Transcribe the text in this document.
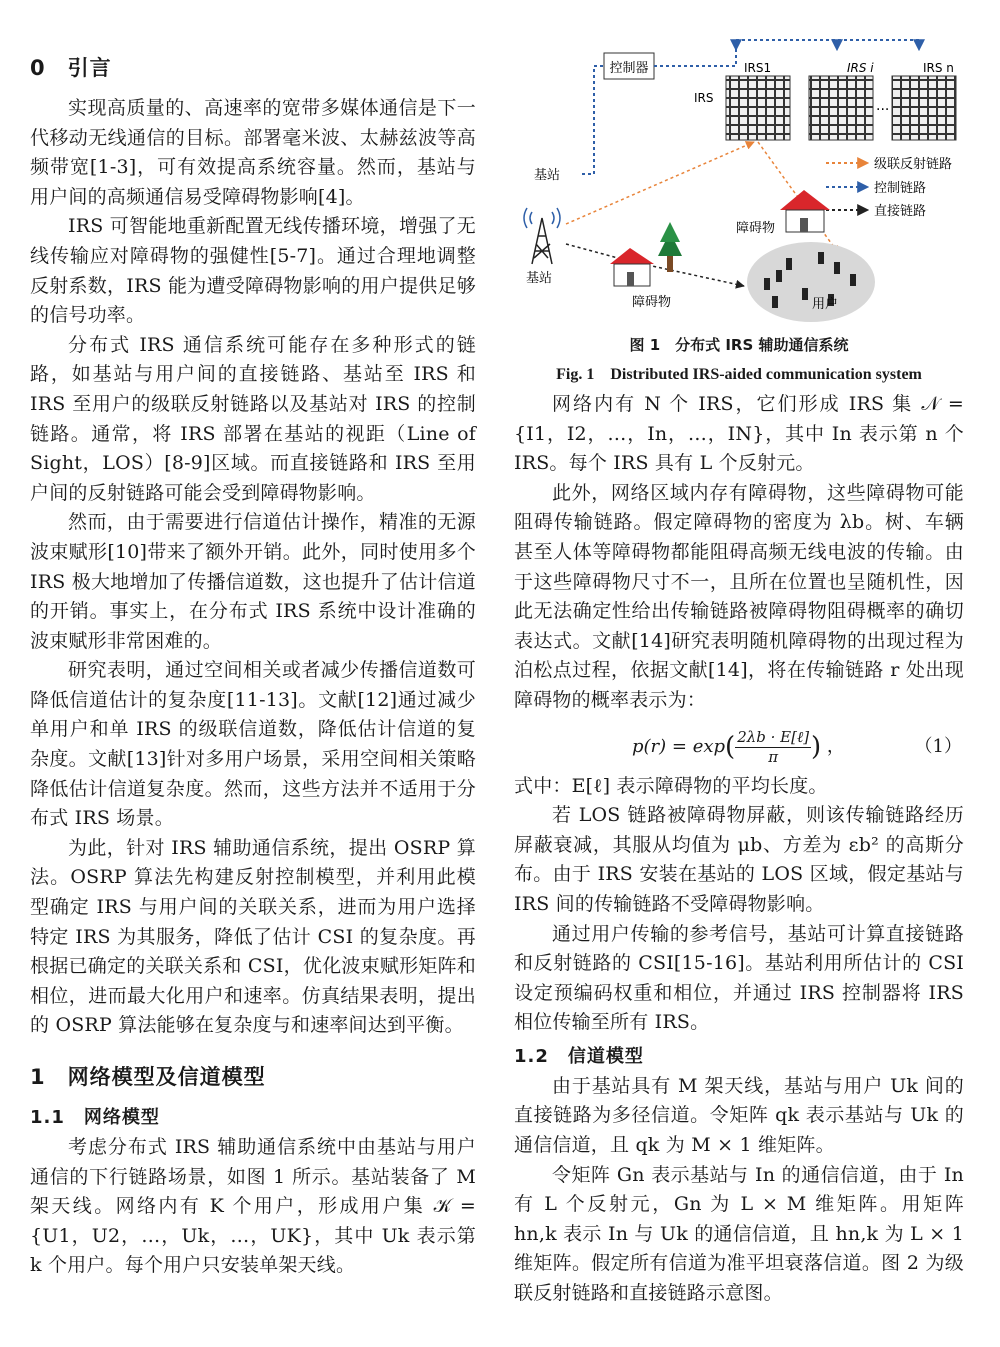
0　引言

实现高质量的、高速率的宽带多媒体通信是下一代移动无线通信的目标。部署毫米波、太赫兹波等高频带宽[1-3]，可有效提高系统容量。然而，基站与用户间的高频通信易受障碍物影响[4]。

IRS 可智能地重新配置无线传播环境，增强了无线传输应对障碍物的强健性[5-7]。通过合理地调整反射系数，IRS 能为遭受障碍物影响的用户提供足够的信号功率。

分布式 IRS 通信系统可能存在多种形式的链路，如基站与用户间的直接链路、基站至 IRS 和 IRS 至用户的级联反射链路以及基站对 IRS 的控制链路。通常，将 IRS 部署在基站的视距（Line of Sight，LOS）[8-9]区域。而直接链路和 IRS 至用户间的反射链路可能会受到障碍物影响。

然而，由于需要进行信道估计操作，精准的无源波束赋形[10]带来了额外开销。此外，同时使用多个 IRS 极大地增加了传播信道数，这也提升了估计信道的开销。事实上，在分布式 IRS 系统中设计准确的波束赋形非常困难的。

研究表明，通过空间相关或者减少传播信道数可降低信道估计的复杂度[11-13]。文献[12]通过减少单用户和单 IRS 的级联信道数，降低估计信道的复杂度。文献[13]针对多用户场景，采用空间相关策略降低估计信道复杂度。然而，这些方法并不适用于分布式 IRS 场景。

为此，针对 IRS 辅助通信系统，提出 OSRP 算法。OSRP 算法先构建反射控制模型，并利用此模型确定 IRS 与用户间的关联关系，进而为用户选择特定 IRS 为其服务，降低了估计 CSI 的复杂度。再根据已确定的关联关系和 CSI，优化波束赋形矩阵和相位，进而最大化用户和速率。仿真结果表明，提出的 OSRP 算法能够在复杂度与和速率间达到平衡。

1　网络模型及信道模型
1.1　网络模型

考虑分布式 IRS 辅助通信系统中由基站与用户通信的下行链路场景，如图 1 所示。基站装备了 M 架天线。网络内有 K 个用户，形成用户集 𝒦 = {U1，U2，…，Uk，…，UK}，其中 Uk 表示第 k 个用户。每个用户只安装单架天线。

控制器
IRS
IRS1	IRS i	IRS n
···
基站
级联反射链路
控制链路
直接链路
基站
障碍物
障碍物
用户

图 1　分布式 IRS 辅助通信系统

Fig. 1　Distributed IRS-aided communication system

网络内有 N 个 IRS，它们形成 IRS 集 𝒩 = {I1，I2，…，In，…，IN}，其中 In 表示第 n 个 IRS。每个 IRS 具有 L 个反射元。

此外，网络区域内存有障碍物，这些障碍物可能阻碍传输链路。假定障碍物的密度为 λb。树、车辆甚至人体等障碍物都能阻碍高频无线电波的传输。由于这些障碍物尺寸不一，且所在位置也呈随机性，因此无法确定性给出传输链路被障碍物阻碍概率的确切表达式。文献[14]研究表明随机障碍物的出现过程为泊松点过程，依据文献[14]，将在传输链路 r 处出现障碍物的概率表示为：

$p(r) = \exp( \frac{\text{2λb · E[ℓ]}}{\pi}$ ) ，	（1）

式中：E[ℓ] 表示障碍物的平均长度。

若 LOS 链路被障碍物屏蔽，则该传输链路经历屏蔽衰减，其服从均值为 μb、方差为 εb² 的高斯分布。由于 IRS 安装在基站的 LOS 区域，假定基站与 IRS 间的传输链路不受障碍物影响。

通过用户传输的参考信号，基站可计算直接链路和反射链路的 CSI[15-16]。基站利用所估计的 CSI 设定预编码权重和相位，并通过 IRS 控制器将 IRS 相位传输至所有 IRS。

1.2　信道模型

由于基站具有 M 架天线，基站与用户 Uk 间的直接链路为多径信道。令矩阵 qk 表示基站与 Uk 的通信信道，且 qk 为 M × 1 维矩阵。

令矩阵 Gn 表示基站与 In 的通信信道，由于 In 有 L 个反射元，Gn 为 L × M 维矩阵。用矩阵 hn,k 表示 In 与 Uk 的通信信道，且 hn,k 为 L × 1 维矩阵。假定所有信道为准平坦衰落信道。图 2 为级联反射链路和直接链路示意图。
